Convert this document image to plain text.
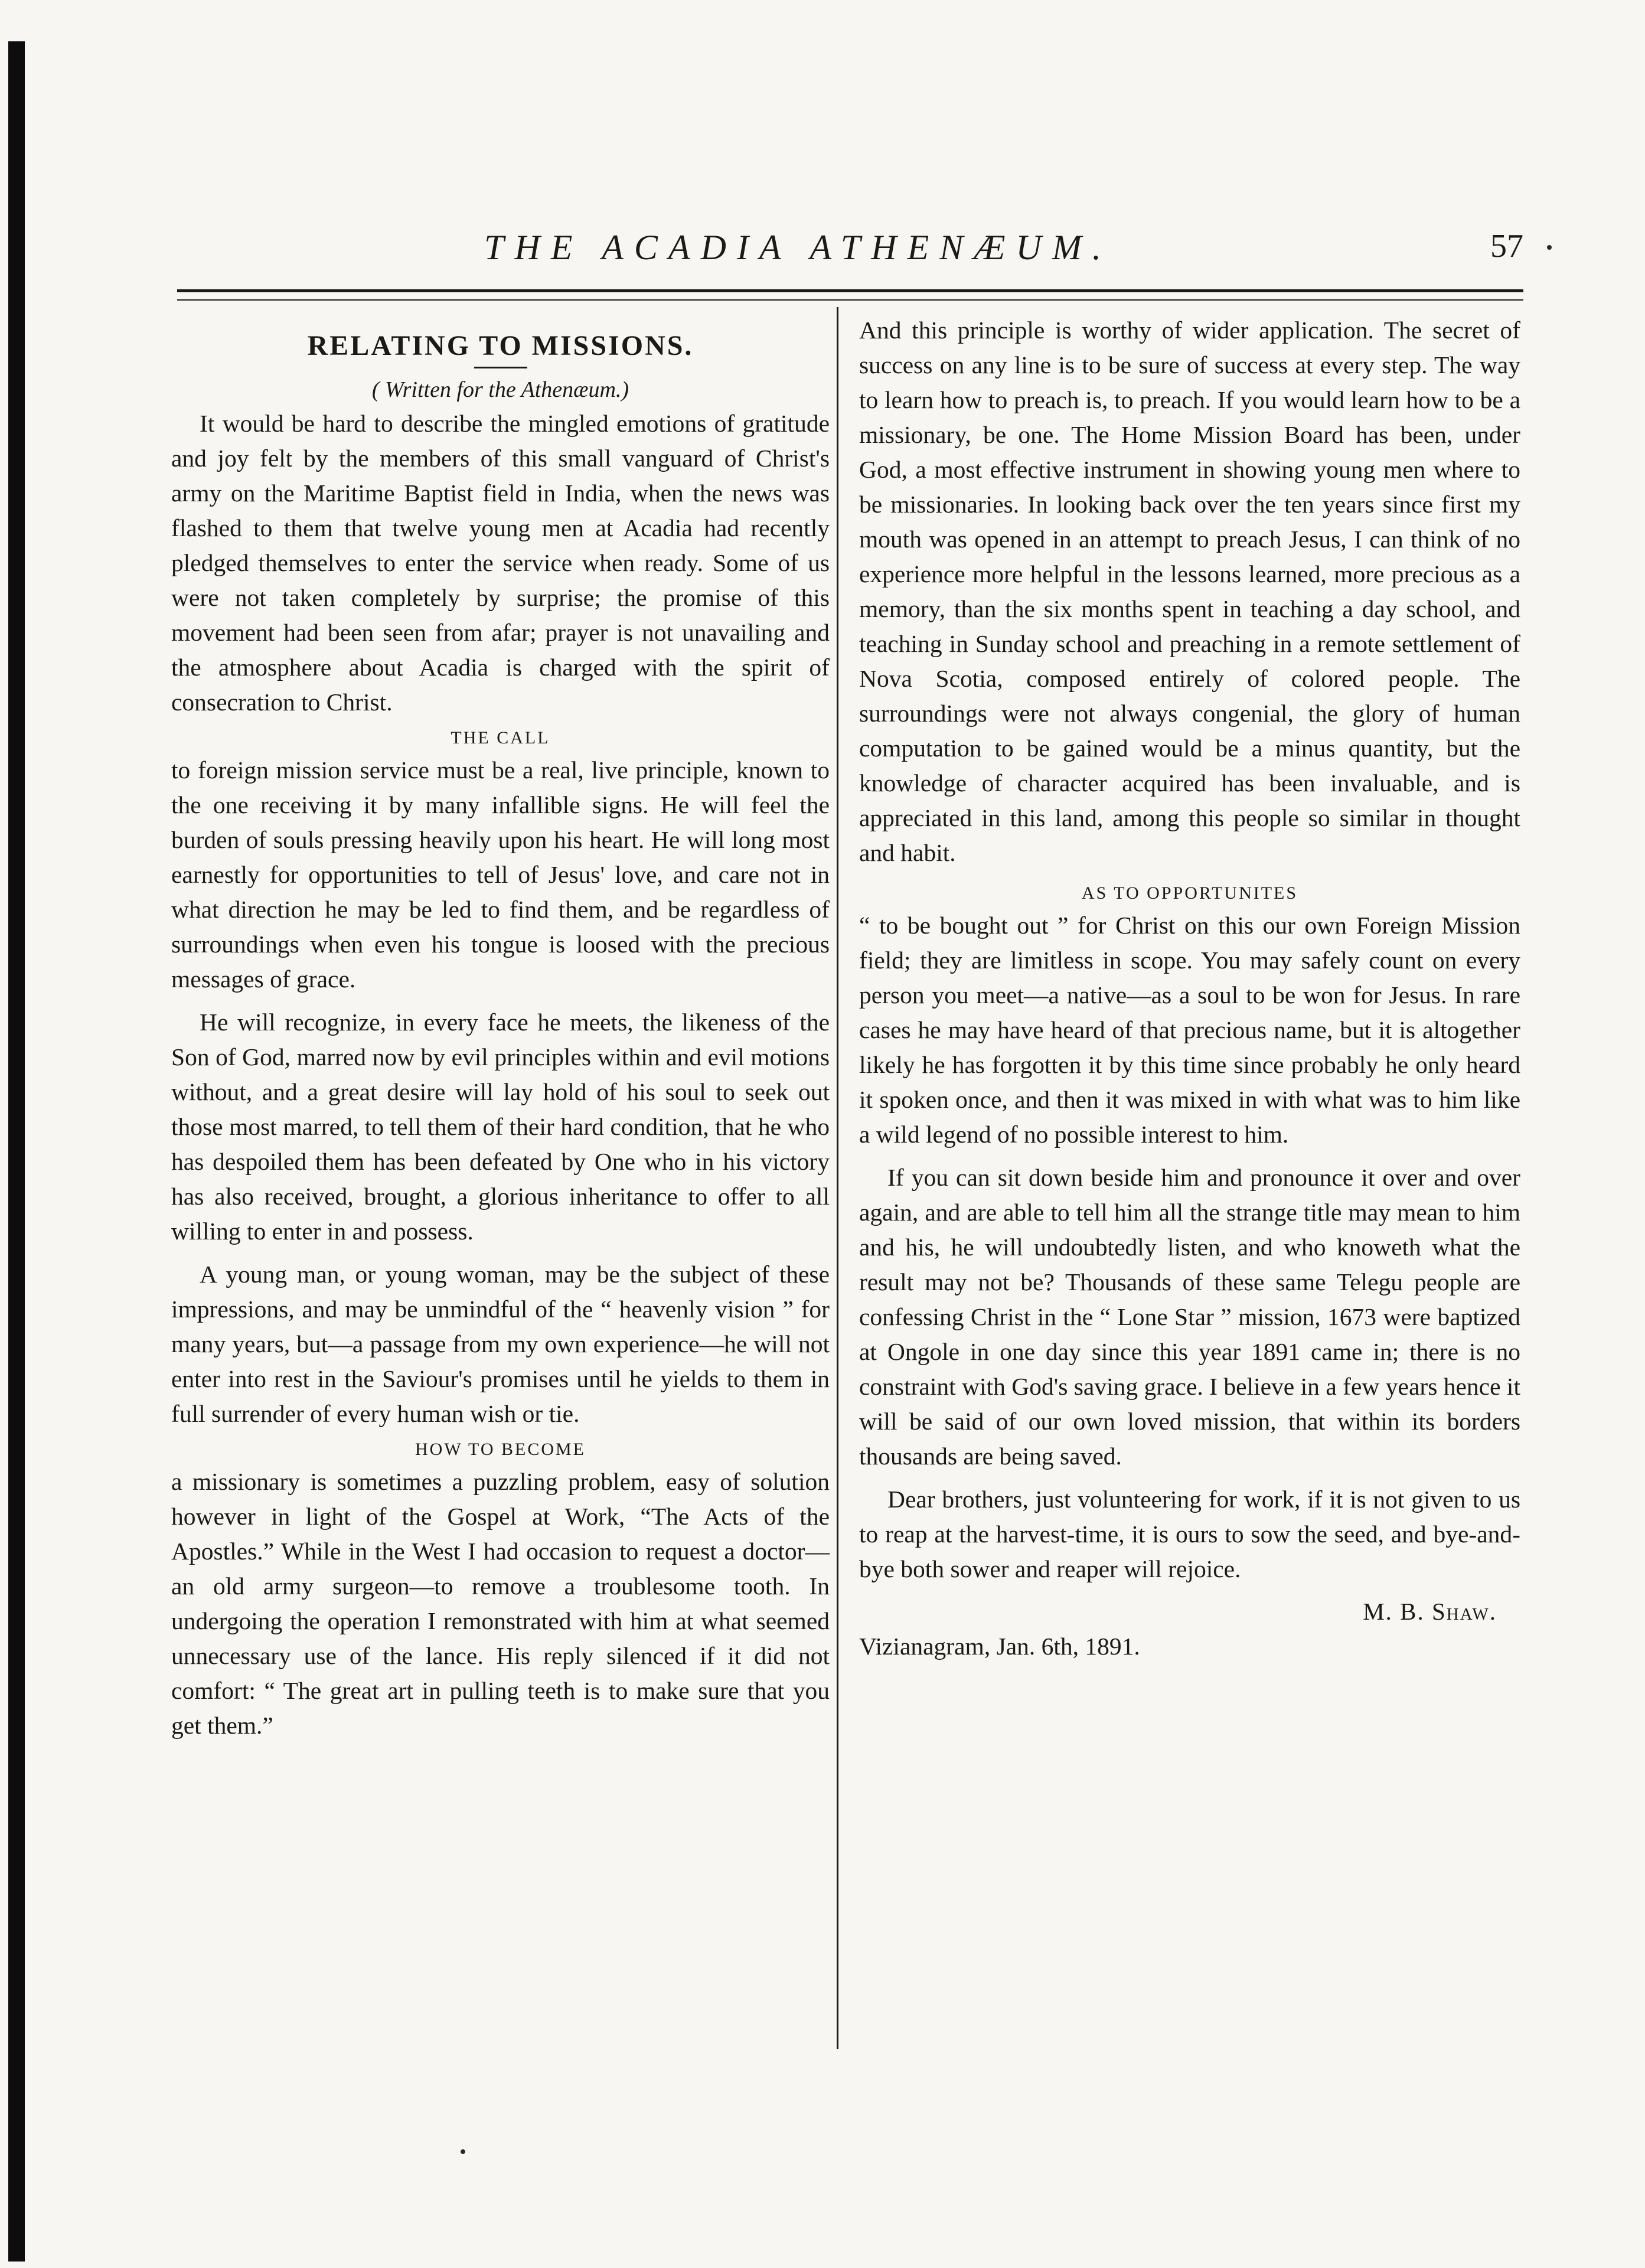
THE ACADIA ATHENÆUM.	57
RELATING TO MISSIONS.
( Written for the Athenæum.)

It would be hard to describe the mingled emotions of gratitude and joy felt by the members of this small vanguard of Christ's army on the Maritime Baptist field in India, when the news was flashed to them that twelve young men at Acadia had recently pledged themselves to enter the service when ready. Some of us were not taken completely by surprise; the promise of this movement had been seen from afar; prayer is not unavailing and the atmosphere about Acadia is charged with the spirit of consecration to Christ.

THE CALL

to foreign mission service must be a real, live principle, known to the one receiving it by many infallible signs. He will feel the burden of souls pressing heavily upon his heart. He will long most earnestly for opportunities to tell of Jesus' love, and care not in what direction he may be led to find them, and be regardless of surroundings when even his tongue is loosed with the precious messages of grace.

He will recognize, in every face he meets, the likeness of the Son of God, marred now by evil principles within and evil motions without, and a great desire will lay hold of his soul to seek out those most marred, to tell them of their hard condition, that he who has despoiled them has been defeated by One who in his victory has also received, brought, a glorious inheritance to offer to all willing to enter in and possess.

A young man, or young woman, may be the subject of these impressions, and may be unmindful of the “ heavenly vision ” for many years, but—a passage from my own experience—he will not enter into rest in the Saviour's promises until he yields to them in full surrender of every human wish or tie.

HOW TO BECOME

a missionary is sometimes a puzzling problem, easy of solution however in light of the Gospel at Work, “The Acts of the Apostles.” While in the West I had occasion to request a doctor—an old army surgeon—to remove a troublesome tooth. In undergoing the operation I remonstrated with him at what seemed unnecessary use of the lance. His reply silenced if it did not comfort: “ The great art in pulling teeth is to make sure that you get them.”

And this principle is worthy of wider application. The secret of success on any line is to be sure of success at every step. The way to learn how to preach is, to preach. If you would learn how to be a missionary, be one. The Home Mission Board has been, under God, a most effective instrument in showing young men where to be missionaries. In looking back over the ten years since first my mouth was opened in an attempt to preach Jesus, I can think of no experience more helpful in the lessons learned, more precious as a memory, than the six months spent in teaching a day school, and teaching in Sunday school and preaching in a remote settlement of Nova Scotia, composed entirely of colored people. The surroundings were not always congenial, the glory of human computation to be gained would be a minus quantity, but the knowledge of character acquired has been invaluable, and is appreciated in this land, among this people so similar in thought and habit.

AS TO OPPORTUNITES

“ to be bought out ” for Christ on this our own Foreign Mission field; they are limitless in scope. You may safely count on every person you meet—a native—as a soul to be won for Jesus. In rare cases he may have heard of that precious name, but it is altogether likely he has forgotten it by this time since probably he only heard it spoken once, and then it was mixed in with what was to him like a wild legend of no possible interest to him.

If you can sit down beside him and pronounce it over and over again, and are able to tell him all the strange title may mean to him and his, he will undoubtedly listen, and who knoweth what the result may not be? Thousands of these same Telegu people are confessing Christ in the “ Lone Star ” mission, 1673 were baptized at Ongole in one day since this year 1891 came in; there is no constraint with God's saving grace. I believe in a few years hence it will be said of our own loved mission, that within its borders thousands are being saved.

Dear brothers, just volunteering for work, if it is not given to us to reap at the harvest-time, it is ours to sow the seed, and bye-and-bye both sower and reaper will rejoice.

M. B. Shaw.
Vizianagram, Jan. 6th, 1891.
